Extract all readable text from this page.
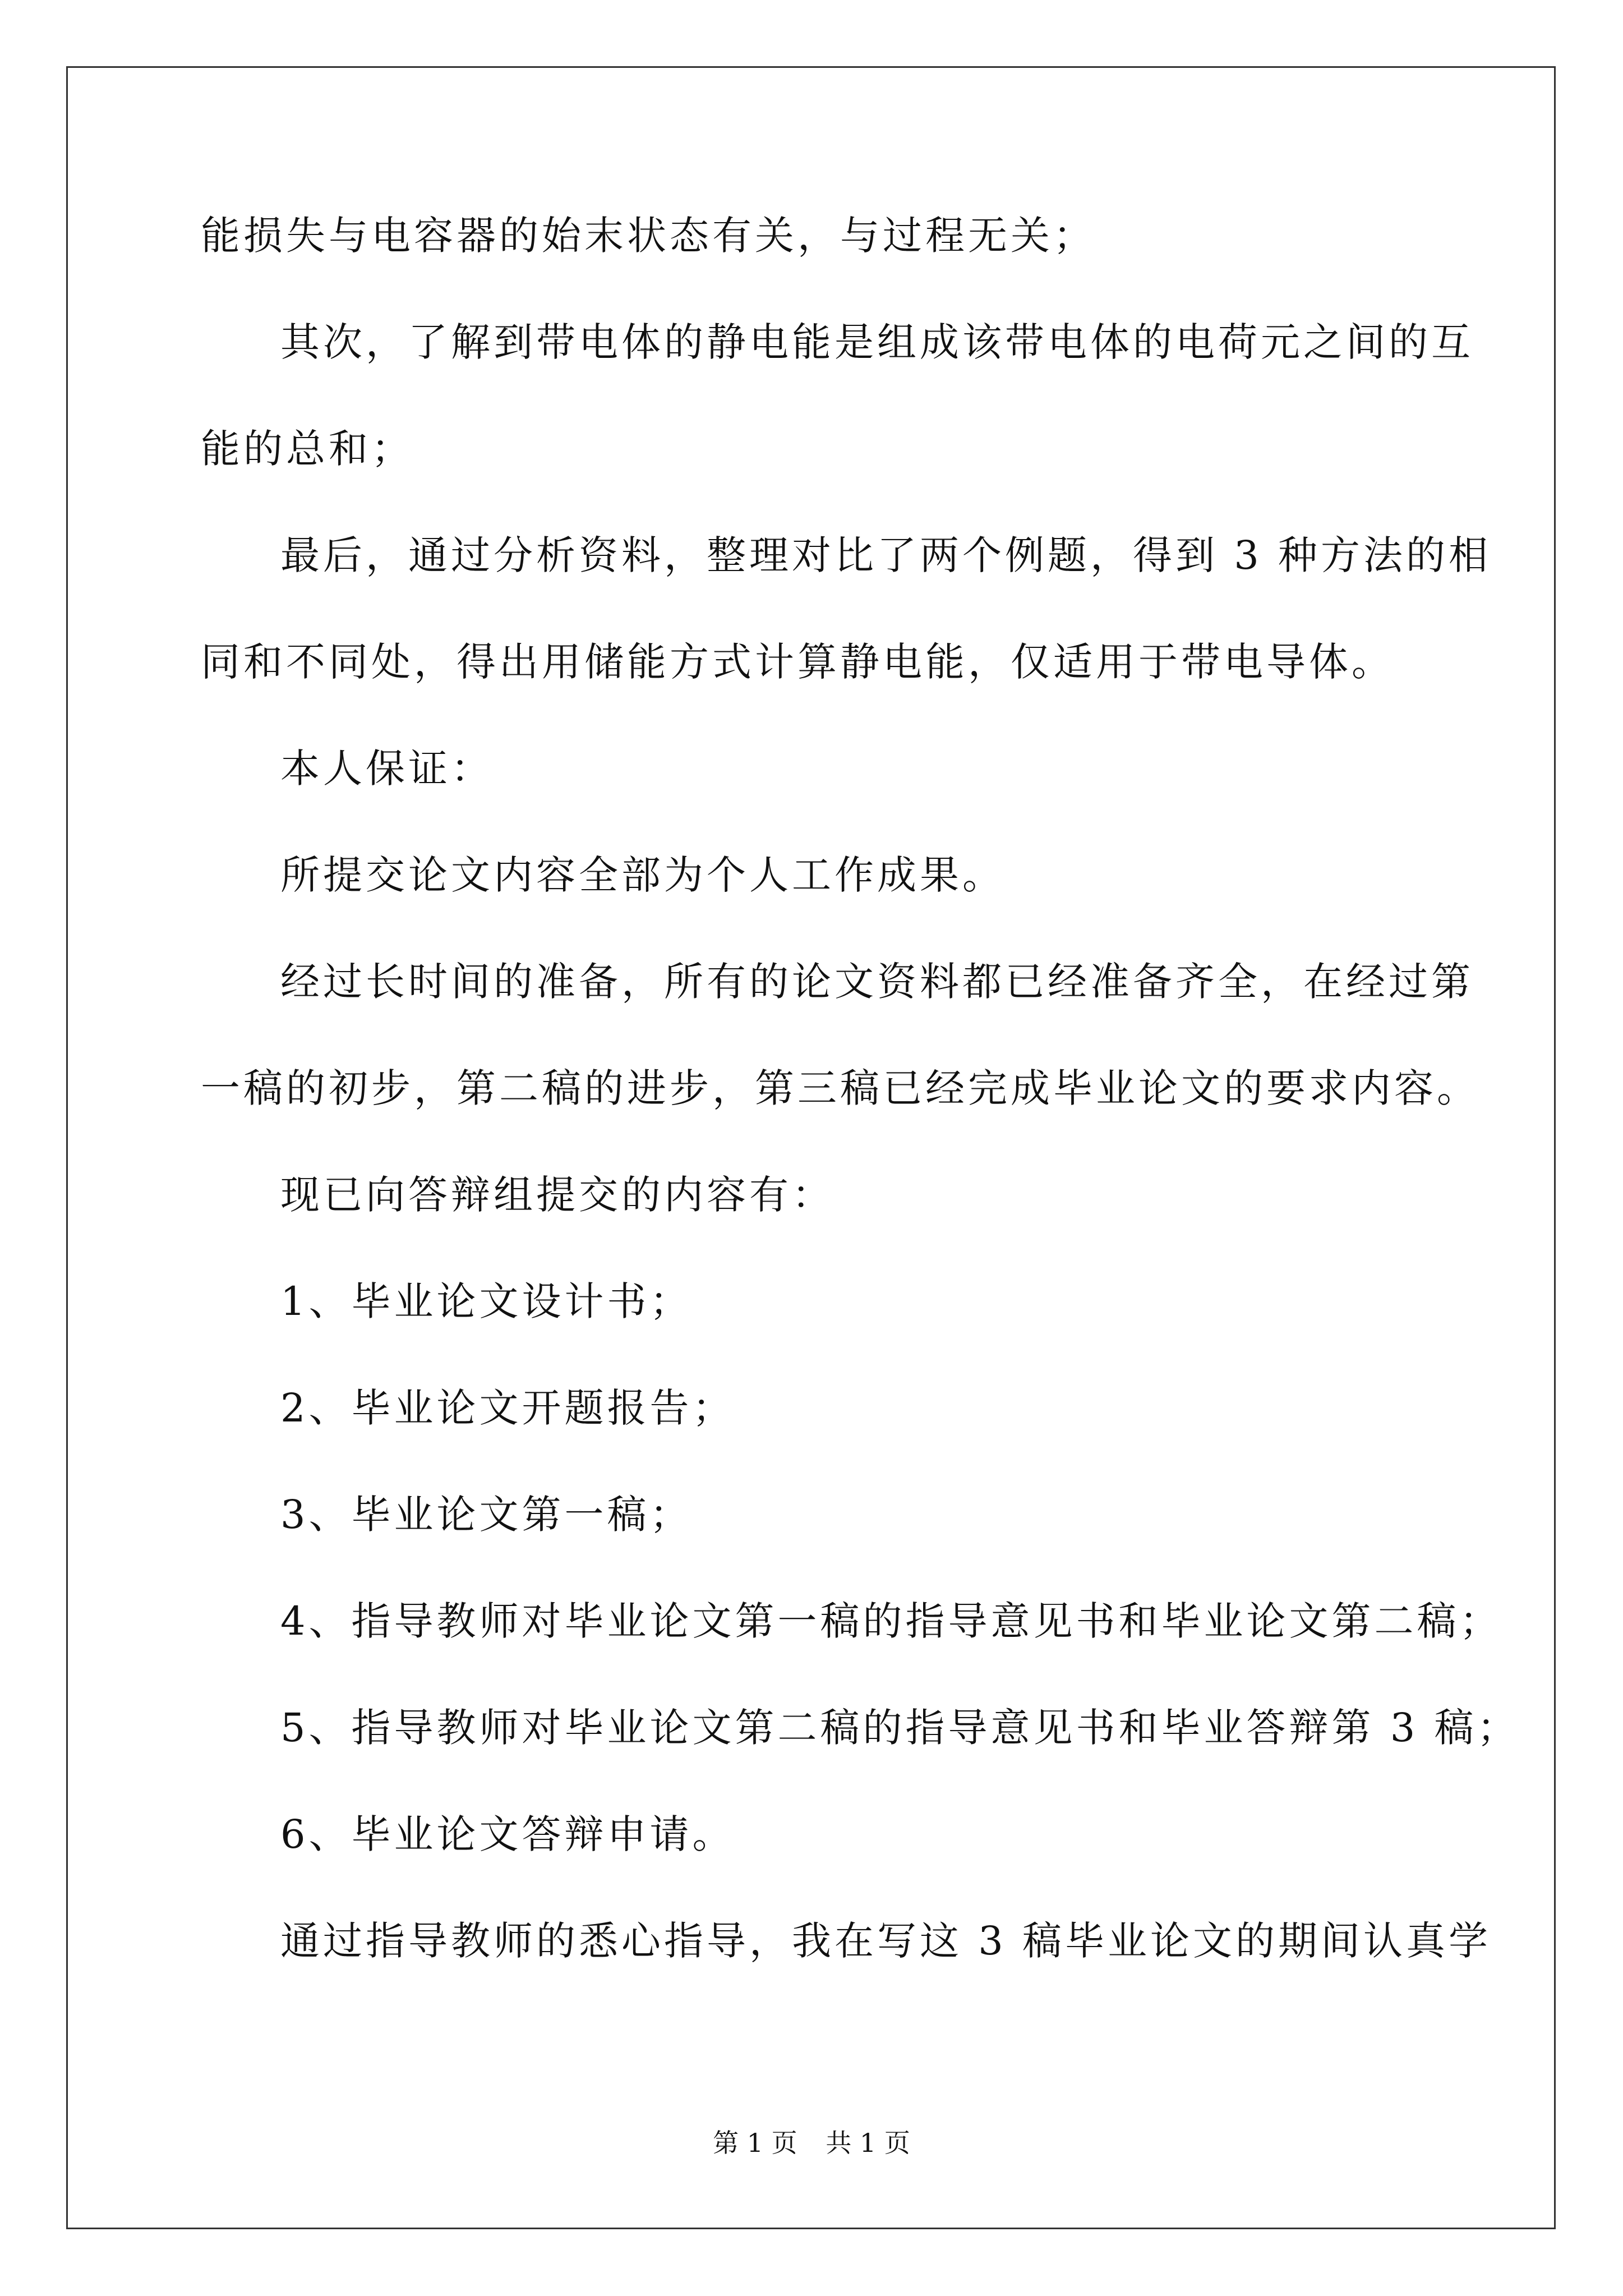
能损失与电容器的始末状态有关，与过程无关；
其次，了解到带电体的静电能是组成该带电体的电荷元之间的互
能的总和；
最后，通过分析资料，整理对比了两个例题，得到 3 种方法的相
同和不同处，得出用储能方式计算静电能，仅适用于带电导体。
本人保证：
所提交论文内容全部为个人工作成果。
经过长时间的准备，所有的论文资料都已经准备齐全，在经过第
一稿的初步，第二稿的进步，第三稿已经完成毕业论文的要求内容。
现已向答辩组提交的内容有：
1、毕业论文设计书；
2、毕业论文开题报告；
3、毕业论文第一稿；
4、指导教师对毕业论文第一稿的指导意见书和毕业论文第二稿；
5、指导教师对毕业论文第二稿的指导意见书和毕业答辩第 3 稿；
6、毕业论文答辩申请。
通过指导教师的悉心指导，我在写这 3 稿毕业论文的期间认真学
第 1 页 共 1 页
